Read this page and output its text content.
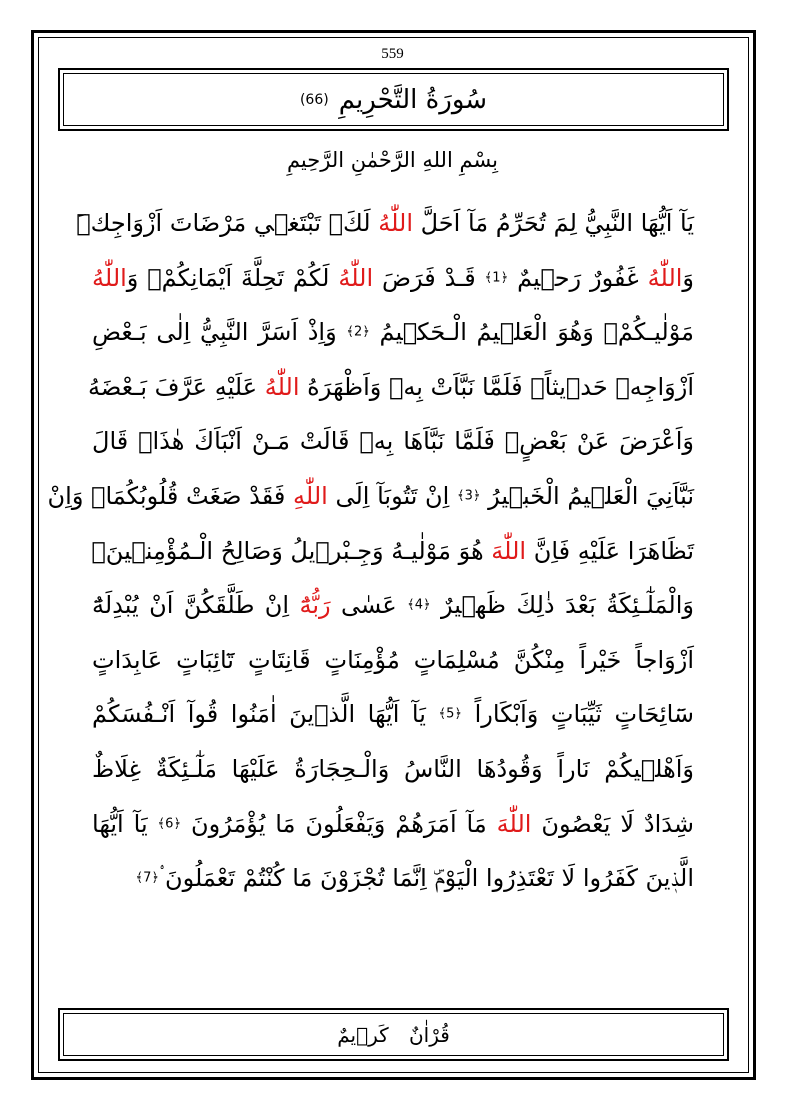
559
سُورَةُ التَّحْرِيمِ
(66)
بِسْمِ اللهِ الرَّحْمٰنِ الرَّحِيمِ
يَآ اَيُّهَا النَّبِيُّ لِمَ تُحَرِّمُ مَآ اَحَلَّ اللّٰهُ لَكَۚ تَبْتَغٖي مَرْضَاتَ اَزْوَاجِكَۜ
وَاللّٰهُ غَفُورٌ رَحٖيمٌ ﴿1﴾ قَـدْ فَرَضَ اللّٰهُ لَكُمْ تَحِلَّةَ اَيْمَانِكُمْۚ وَاللّٰهُ
مَوْلٰيـكُمْۚ وَهُوَ الْعَلٖيمُ الْـحَكٖيمُ ﴿2﴾ وَاِذْ اَسَرَّ النَّبِيُّ اِلٰى بَـعْضِ
اَزْوَاجِهٖ حَدٖيثاًۚ فَلَمَّا نَبَّاَتْ بِهٖ وَاَظْهَرَهُ اللّٰهُ عَلَيْهِ عَرَّفَ بَـعْضَهُ
وَاَعْرَضَ عَنْ بَعْضٍۚ فَلَمَّا نَبَّاَهَا بِهٖ قَالَتْ مَـنْ اَنْبَاَكَ هٰذَاۜ قَالَ
نَبَّاَنِيَ الْعَلٖيمُ الْخَبٖيرُ ﴿3﴾ اِنْ تَتُوبَآ اِلَى اللّٰهِ فَقَدْ صَغَتْ قُلُوبُكُمَاۚ وَاِنْ
تَظَاهَرَا عَلَيْهِ فَاِنَّ اللّٰهَ هُوَ مَوْلٰيـهُ وَجِـبْرٖيلُ وَصَالِحُ الْـمُؤْمِنٖينَۚ
وَالْمَلٰٓـئِكَةُ بَعْدَ ذٰلِكَ ظَهٖيرٌ ﴿4﴾ عَسٰى رَبُّهُٓ اِنْ طَلَّقَكُنَّ اَنْ يُبْدِلَهُٓ
اَزْوَاجاً خَيْراً مِنْكُنَّ مُسْلِمَاتٍ مُؤْمِنَاتٍ قَانِتَاتٍ تَٓائِبَاتٍ عَابِدَاتٍ
سَٓائِحَاتٍ ثَيِّبَاتٍ وَاَبْكَاراً ﴿5﴾ يَآ اَيُّهَا الَّذٖينَ اٰمَنُوا قُوآ اَنْـفُسَكُمْ
وَاَهْلٖيكُمْ نَاراً وَقُودُهَا النَّاسُ وَالْـحِجَارَةُ عَلَيْهَا مَلٰٓـئِكَةٌ غِلَاظٌ
شِدَادٌ لَا يَعْصُونَ اللّٰهَ مَآ اَمَرَهُمْ وَيَفْعَلُونَ مَا يُؤْمَرُونَ ﴿6﴾ يَآ اَيُّهَا
الَّذٖينَ كَفَرُوا لَا تَعْتَذِرُوا الْيَوْمَۜ اِنَّمَا تُجْزَوْنَ مَا كُنْتُمْ تَعْمَلُونَ ۟﴿7﴾
قُرْاٰنٌ كَرٖيمٌ
